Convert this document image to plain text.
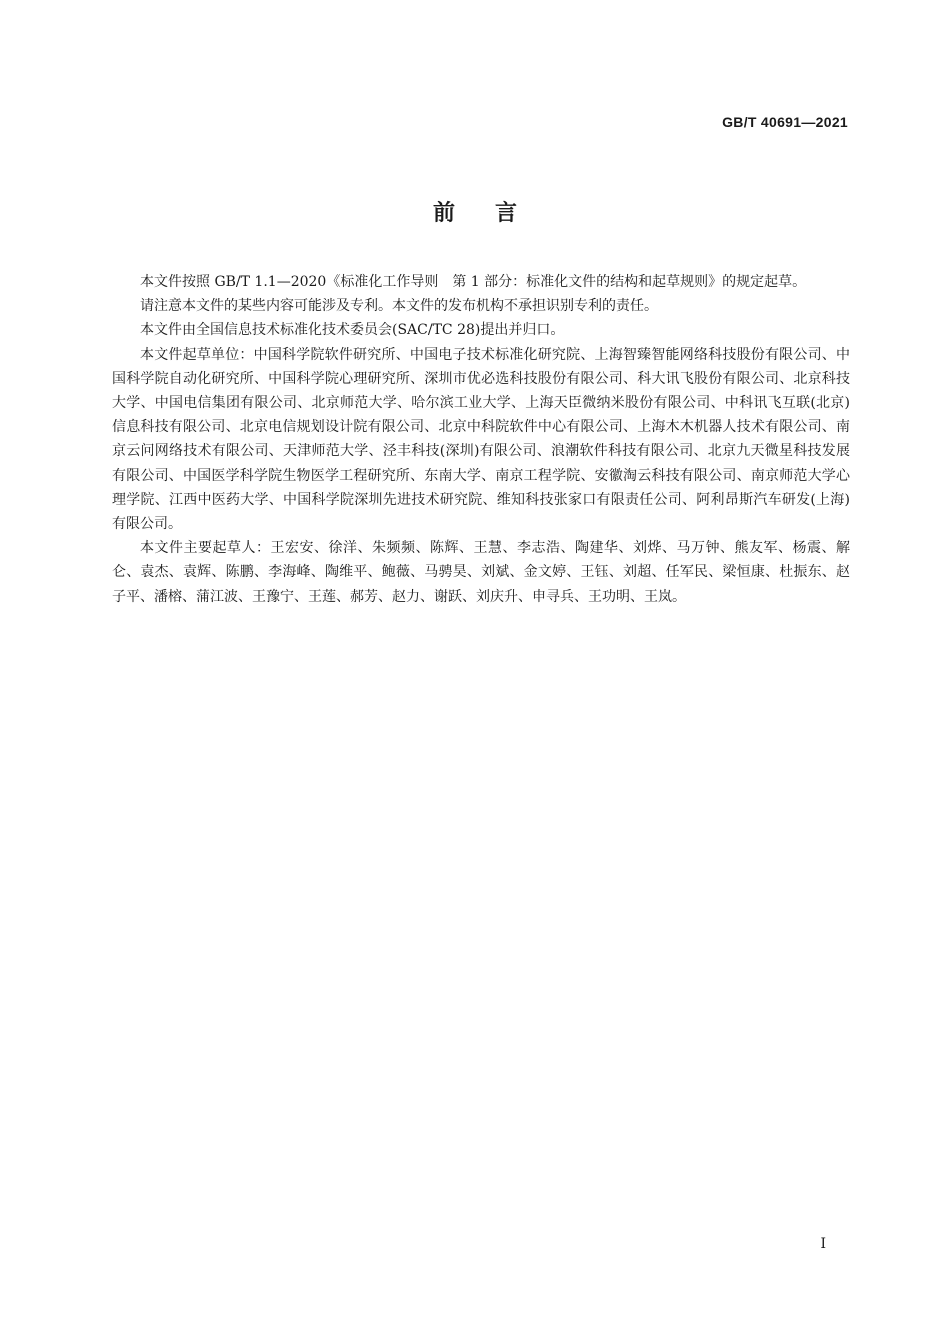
GB/T 40691—2021
前言

本文件按照 GB/T 1.1—2020《标准化工作导则　第 1 部分：标准化文件的结构和起草规则》的规定起草。

请注意本文件的某些内容可能涉及专利。本文件的发布机构不承担识别专利的责任。

本文件由全国信息技术标准化技术委员会(SAC/TC 28)提出并归口。

本文件起草单位：中国科学院软件研究所、中国电子技术标准化研究院、上海智臻智能网络科技股份有限公司、中国科学院自动化研究所、中国科学院心理研究所、深圳市优必选科技股份有限公司、科大讯飞股份有限公司、北京科技大学、中国电信集团有限公司、北京师范大学、哈尔滨工业大学、上海天臣微纳米股份有限公司、中科讯飞互联(北京)信息科技有限公司、北京电信规划设计院有限公司、北京中科院软件中心有限公司、上海木木机器人技术有限公司、南京云问网络技术有限公司、天津师范大学、泾丰科技(深圳)有限公司、浪潮软件科技有限公司、北京九天微星科技发展有限公司、中国医学科学院生物医学工程研究所、东南大学、南京工程学院、安徽淘云科技有限公司、南京师范大学心理学院、江西中医药大学、中国科学院深圳先进技术研究院、维知科技张家口有限责任公司、阿利昂斯汽车研发(上海)有限公司。

本文件主要起草人：王宏安、徐洋、朱频频、陈辉、王慧、李志浩、陶建华、刘烨、马万钟、熊友军、杨震、解仑、袁杰、袁辉、陈鹏、李海峰、陶维平、鲍薇、马骋昊、刘斌、金文婷、王钰、刘超、任军民、梁恒康、杜振东、赵子平、潘榕、蒲江波、王豫宁、王莲、郝芳、赵力、谢跃、刘庆升、申寻兵、王功明、王岚。

I
